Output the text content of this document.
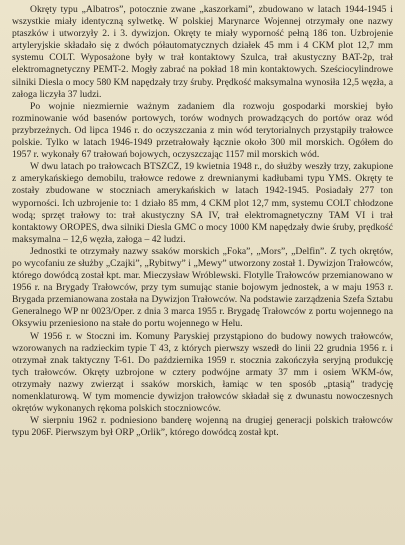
Okręty typu „Albatros”, potocznie zwane „kaszorkami”, zbudowano w latach 1944-1945 i wszystkie miały identyczną sylwetkę. W polskiej Marynarce Wojennej otrzymały one nazwy ptaszków i utworzyły 2. i 3. dywizjon. Okręty te miały wyporność pełną 186 ton. Uzbrojenie artyleryjskie składało się z dwóch półautomatycznych działek 45 mm i 4 CKM plot 12,7 mm systemu COLT. Wyposażone były w trał kontaktowy Szulca, trał akustyczny BAT-2p, trał elektromagnetyczny PEMT-2. Mogły zabrać na pokład 18 min kontaktowych. Sześciocylindrowe silniki Diesla o mocy 580 KM napędzały trzy śruby. Prędkość maksymalna wynosiła 12,5 węzła, a załoga liczyła 37 ludzi.

Po wojnie niezmiernie ważnym zadaniem dla rozwoju gospodarki morskiej było rozminowanie wód basenów portowych, torów wodnych prowadzących do portów oraz wód przybrzeżnych. Od lipca 1946 r. do oczyszczania z min wód terytorialnych przystąpiły trałowce polskie. Tylko w latach 1946-1949 przetrałowały łącznie około 300 mil morskich. Ogółem do 1957 r. wykonały 67 trałowań bojowych, oczyszczając 1157 mil morskich wód.

W dwu latach po trałowcach BTSZCZ, 19 kwietnia 1948 r., do służby weszły trzy, zakupione z amerykańskiego demobilu, trałowce redowe z drewnianymi kadłubami typu YMS. Okręty te zostały zbudowane w stoczniach amerykańskich w latach 1942-1945. Posiadały 277 ton wyporności. Ich uzbrojenie to: 1 działo 85 mm, 4 CKM plot 12,7 mm, systemu COLT chłodzone wodą; sprzęt trałowy to: trał akustyczny SA IV, trał elektromagnetyczny TAM VI i trał kontaktowy OROPES, dwa silniki Diesla GMC o mocy 1000 KM napędzały dwie śruby, prędkość maksymalna – 12,6 węzła, załoga – 42 ludzi.

Jednostki te otrzymały nazwy ssaków morskich „Foka”, „Mors”, „Delfin”. Z tych okrętów, po wycofaniu ze służby „Czajki”, „Rybitwy” i „Mewy” utworzony został 1. Dywizjon Trałowców, którego dowódcą został kpt. mar. Mieczysław Wróblewski. Flotylle Trałowców przemianowano w 1956 r. na Brygady Trałowców, przy tym sumując stanie bojowym jednostek, a w maju 1953 r. Brygada przemianowana została na Dywizjon Trałowców. Na podstawie zarządzenia Szefa Sztabu Generalnego WP nr 0023/Oper. z dnia 3 marca 1955 r. Brygadę Trałowców z portu wojennego na Oksywiu przeniesiono na stałe do portu wojennego w Helu.

W 1956 r. w Stoczni im. Komuny Paryskiej przystąpiono do budowy nowych trałowców, wzorowanych na radzieckim typie T 43, z których pierwszy wszedł do linii 22 grudnia 1956 r. i otrzymał znak taktyczny T-61. Do października 1959 r. stocznia zakończyła seryjną produkcję tych trałowców. Okręty uzbrojone w cztery podwójne armaty 37 mm i osiem WKM-ów, otrzymały nazwy zwierząt i ssaków morskich, łamiąc w ten sposób „ptasią” tradycję nomenklaturową. W tym momencie dywizjon trałowców składał się z dwunastu nowoczesnych okrętów wykonanych rękoma polskich stoczniowców.

W sierpniu 1962 r. podniesiono banderę wojenną na drugiej generacji polskich trałowców typu 206F. Pierwszym był ORP „Orlik”, którego dowódcą został kpt.
